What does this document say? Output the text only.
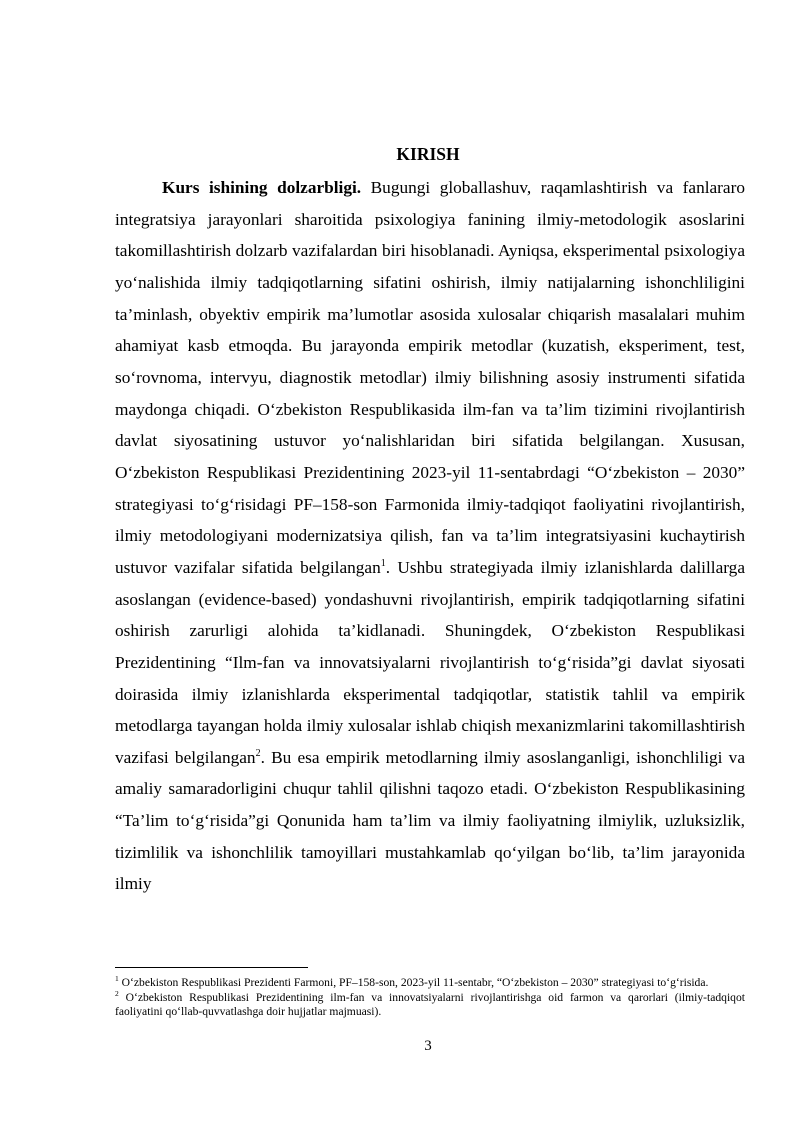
KIRISH

Kurs ishining dolzarbligi. Bugungi globallashuv, raqamlashtirish va fanlararo integratsiya jarayonlari sharoitida psixologiya fanining ilmiy-metodologik asoslarini takomillashtirish dolzarb vazifalardan biri hisoblanadi. Ayniqsa, eksperimental psixologiya yo‘nalishida ilmiy tadqiqotlarning sifatini oshirish, ilmiy natijalarning ishonchliligini ta’minlash, obyektiv empirik ma’lumotlar asosida xulosalar chiqarish masalalari muhim ahamiyat kasb etmoqda. Bu jarayonda empirik metodlar (kuzatish, eksperiment, test, so‘rovnoma, intervyu, diagnostik metodlar) ilmiy bilishning asosiy instrumenti sifatida maydonga chiqadi. O‘zbekiston Respublikasida ilm-fan va ta’lim tizimini rivojlantirish davlat siyosatining ustuvor yo‘nalishlaridan biri sifatida belgilangan. Xususan, O‘zbekiston Respublikasi Prezidentining 2023-yil 11-sentabrdagi “O‘zbekiston – 2030” strategiyasi to‘g‘risidagi PF–158-son Farmonida ilmiy-tadqiqot faoliyatini rivojlantirish, ilmiy metodologiyani modernizatsiya qilish, fan va ta’lim integratsiyasini kuchaytirish ustuvor vazifalar sifatida belgilangan$^1$. Ushbu strategiyada ilmiy izlanishlarda dalillarga asoslangan (evidence-based) yondashuvni rivojlantirish, empirik tadqiqotlarning sifatini oshirish zarurligi alohida ta’kidlanadi. Shuningdek, O‘zbekiston Respublikasi Prezidentining “Ilm-fan va innovatsiyalarni rivojlantirish to‘g‘risida”gi davlat siyosati doirasida ilmiy izlanishlarda eksperimental tadqiqotlar, statistik tahlil va empirik metodlarga tayangan holda ilmiy xulosalar ishlab chiqish mexanizmlarini takomillashtirish vazifasi belgilangan$^2$. Bu esa empirik metodlarning ilmiy asoslanganligi, ishonchliligi va amaliy samaradorligini chuqur tahlil qilishni taqozo etadi. O‘zbekiston Respublikasining “Ta’lim to‘g‘risida”gi Qonunida ham ta’lim va ilmiy faoliyatning ilmiylik, uzluksizlik, tizimlilik va ishonchlilik tamoyillari mustahkamlab qo‘yilgan bo‘lib, ta’lim jarayonida ilmiy

$^1$ O‘zbekiston Respublikasi Prezidenti Farmoni, PF–158-son, 2023-yil 11-sentabr, “O‘zbekiston – 2030” strategiyasi to‘g‘risida.

$^2$ O‘zbekiston Respublikasi Prezidentining ilm-fan va innovatsiyalarni rivojlantirishga oid farmon va qarorlari (ilmiy-tadqiqot faoliyatini qo‘llab-quvvatlashga doir hujjatlar majmuasi).

3
